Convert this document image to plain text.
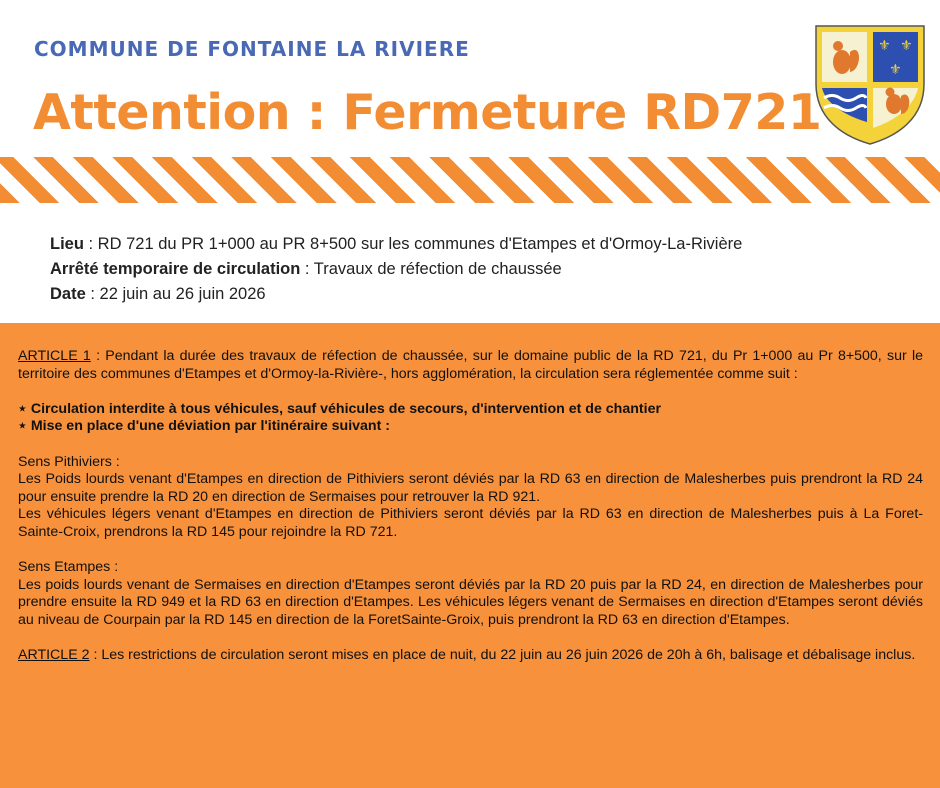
COMMUNE DE FONTAINE LA RIVIERE
Attention : Fermeture RD721
⚜ ⚜
⚜
Lieu : RD 721 du PR 1+000 au PR 8+500 sur les communes d'Etampes et d'Ormoy-La-Rivière
Arrêté temporaire de circulation : Travaux de réfection de chaussée
Date : 22 juin au 26 juin 2026

ARTICLE 1 : Pendant la durée des travaux de réfection de chaussée, sur le domaine public de la RD 721, du Pr 1+000 au Pr 8+500, sur le territoire des communes d'Etampes et d'Ormoy-la-Rivière-, hors agglomération, la circulation sera réglementée comme suit :

⋆ Circulation interdite à tous véhicules, sauf véhicules de secours, d'intervention et de chantier

⋆ Mise en place d'une déviation par l'itinéraire suivant :

Sens Pithiviers :

Les Poids lourds venant d'Etampes en direction de Pithiviers seront déviés par la RD 63 en direction de Malesherbes puis prendront la RD 24 pour ensuite prendre la RD 20 en direction de Sermaises pour retrouver la RD 921.

Les véhicules légers venant d'Etampes en direction de Pithiviers seront déviés par la RD 63 en direction de Malesherbes puis à La Foret-Sainte-Croix, prendrons la RD 145 pour rejoindre la RD 721.

Sens Etampes :

Les poids lourds venant de Sermaises en direction d'Etampes seront déviés par la RD 20 puis par la RD 24, en direction de Malesherbes pour prendre ensuite la RD 949 et la RD 63 en direction d'Etampes. Les véhicules légers venant de Sermaises en direction d'Etampes seront déviés au niveau de Courpain par la RD 145 en direction de la ForetSainte-Groix, puis prendront la RD 63 en direction d'Etampes.

ARTICLE 2 : Les restrictions de circulation seront mises en place de nuit, du 22 juin au 26 juin 2026 de 20h à 6h, balisage et débalisage inclus.
